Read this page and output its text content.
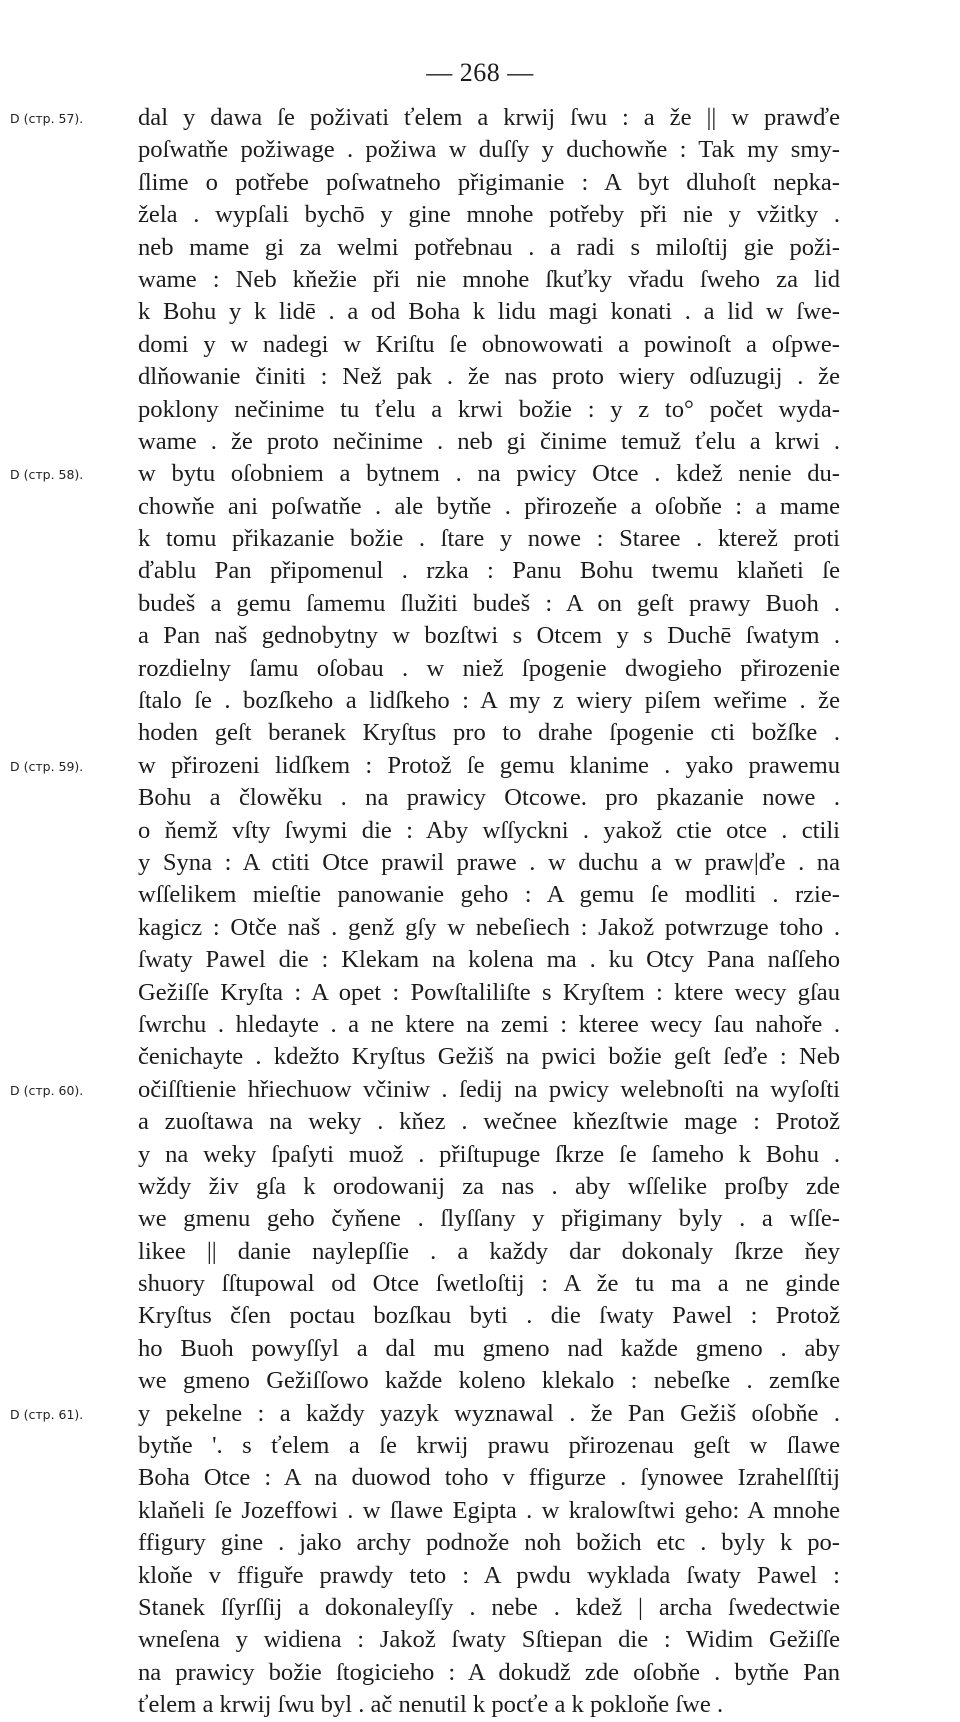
— 268 —
D (стр. 57).
D (стр. 58).
D (стр. 59).
D (стр. 60).
D (стр. 61).
dal y dawa ſe poživati ťelem a krwij ſwu : a že || w prawďe
poſwatňe požiwage . požiwa w duſſy y duchowňe : Tak my smy-
ſlime o potřebe poſwatneho přigimanie : A byt dluhoſt nepka-
žela . wypſali bychō y gine mnohe potřeby při nie y vžitky .
neb mame gi za welmi potřebnau . a radi s miloſtij gie poži-
wame : Neb kňežie při nie mnohe ſkuťky vřadu ſweho za lid
k Bohu y k lidē . a od Boha k lidu magi konati . a lid w ſwe-
domi y w nadegi w Kriſtu ſe obnowowati a powinoſt a oſpwe-
dlňowanie činiti : Než pak . že nas proto wiery odſuzugij . že
poklony nečinime tu ťelu a krwi božie : y z to° počet wyda-
wame . že proto nečinime . neb gi činime temuž ťelu a krwi .
w bytu oſobniem a bytnem . na pwicy Otce . kdež nenie du-
chowňe ani poſwatňe . ale bytňe . přirozeňe a oſobňe : a mame
k tomu přikazanie božie . ſtare y nowe : Staree . kterež proti
ďablu Pan připomenul . rzka : Panu Bohu twemu klaňeti ſe
budeš a gemu ſamemu ſlužiti budeš : A on geſt prawy Buoh .
a Pan naš gednobytny w bozſtwi s Otcem y s Duchē ſwatym .
rozdielny ſamu oſobau . w niež ſpogenie dwogieho přirozenie
ſtalo ſe . bozſkeho a lidſkeho : A my z wiery piſem weřime . že
hoden geſt beranek Kryſtus pro to drahe ſpogenie cti božſke .
w přirozeni lidſkem : Protož ſe gemu klanime . yako prawemu
Bohu a člowěku . na prawicy Otcowe. pro pkazanie nowe .
o ňemž vſty ſwymi die : Aby wſſyckni . yakož ctie otce . ctili
y Syna : A ctiti Otce prawil prawe . w duchu a w praw|ďe . na
wſſelikem mieſtie panowanie geho : A gemu ſe modliti . rzie-
kagicz : Otče naš . genž gſy w nebeſiech : Jakož potwrzuge toho .
ſwaty Pawel die : Klekam na kolena ma . ku Otcy Pana naſſeho
Gežiſſe Kryſta : A opet : Powſtaliliſte s Kryſtem : ktere wecy gſau
ſwrchu . hledayte . a ne ktere na zemi : kteree wecy ſau nahoře .
čenichayte . kdežto Kryſtus Gežiš na pwici božie geſt ſeďe : Neb
očiſſtienie hřiechuow včiniw . ſedij na pwicy welebnoſti na wyſoſti
a zuoſtawa na weky . kňez . wečnee kňezſtwie mage : Protož
y na weky ſpaſyti muož . přiſtupuge ſkrze ſe ſameho k Bohu .
wždy živ gſa k orodowanij za nas . aby wſſelike proſby zde
we gmenu geho čyňene . ſlyſſany y přigimany byly . a wſſe-
likee || danie naylepſſie . a každy dar dokonaly ſkrze ňey
shuory ſſtupowal od Otce ſwetloſtij : A že tu ma a ne ginde
Kryſtus čſen poctau bozſkau byti . die ſwaty Pawel : Protož
ho Buoh powyſſyl a dal mu gmeno nad každe gmeno . aby
we gmeno Gežiſſowo každe koleno klekalo : nebeſke . zemſke
y pekelne : a každy yazyk wyznawal . že Pan Gežiš oſobňe .
bytňe '. s ťelem a ſe krwij prawu přirozenau geſt w ſlawe
Boha Otce : A na duowod toho v ffigurze . ſynowee Izrahelſſtij
klaňeli ſe Jozeffowi . w ſlawe Egipta . w kralowſtwi geho: A mnohe
ffigury gine . jako archy podnože noh božich etc . byly k po-
kloňe v ffiguře prawdy teto : A pwdu wyklada ſwaty Pawel :
Stanek ſſyrſſij a dokonaleyſſy . nebe . kdež | archa ſwedectwie
wneſena y widiena : Jakož ſwaty Sſtiepan die : Widim Gežiſſe
na prawicy božie ſtogicieho : A dokudž zde oſobňe . bytňe Pan
ťelem a krwij ſwu byl . ač nenutil k pocťe a k pokloňe ſwe .
